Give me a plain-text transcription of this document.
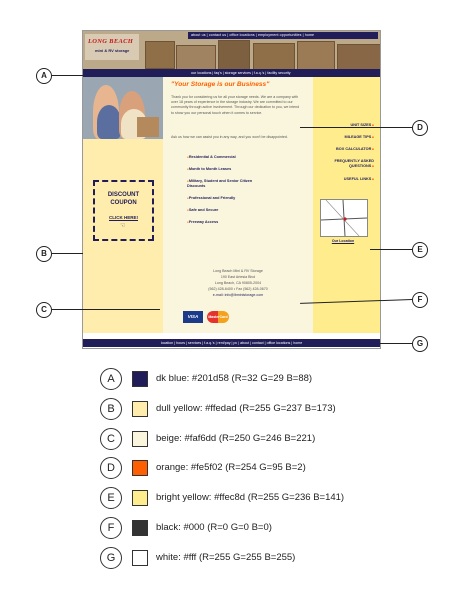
LONG BEACH
mini & RV storage
about us | contact us | office locations | employment opportunities | home
our locations | faq's | storage services | f.a.q.'s | facility security
DISCOUNT
COUPON
CLICK HERE!
☜
"Your Storage is our Business"
Thank you for considering us for all your storage needs. We are a company with over 18 years of experience in the storage industry. We are committed to our community through active involvement. Through our dedication to you, we intend to show you our personal touch when it comes to service.
Ask us how we can assist you in any way, and you won't be disappointed.
● Residential & Commercial
● Month to Month Leases
● Military, Student and Senior Citizen Discounts
● Professional and Friendly
● Safe and Secure
● Freeway Access
Long Beach Mini & RV Storage
190 East Artesia Blvd
Long Beach, CA 90805-2004
(562) 428-6400 • Fax (562) 428-0670
e-mail: info@lbministorage.com
VISA	MasterCard
UNIT SIZES ■
MILEAGE TIPS ■
BOX CALCULATOR ■
FREQUENTLY ASKED QUESTIONS ■
USEFUL LINKS ■
Our Location
location | hours | services | f.a.q.'s | rent/pay | pc | about | contact | office locations | home
A
B
C
D
E
F
G
A	dk blue: #201d58 (R=32 G=29 B=88)
B	dull yellow: #ffedad (R=255 G=237 B=173)
C	beige: #faf6dd (R=250 G=246 B=221)
D	orange: #fe5f02 (R=254 G=95 B=2)
E	bright yellow: #ffec8d (R=255 G=236 B=141)
F	black: #000 (R=0 G=0 B=0)
G	white: #fff (R=255 G=255 B=255)
